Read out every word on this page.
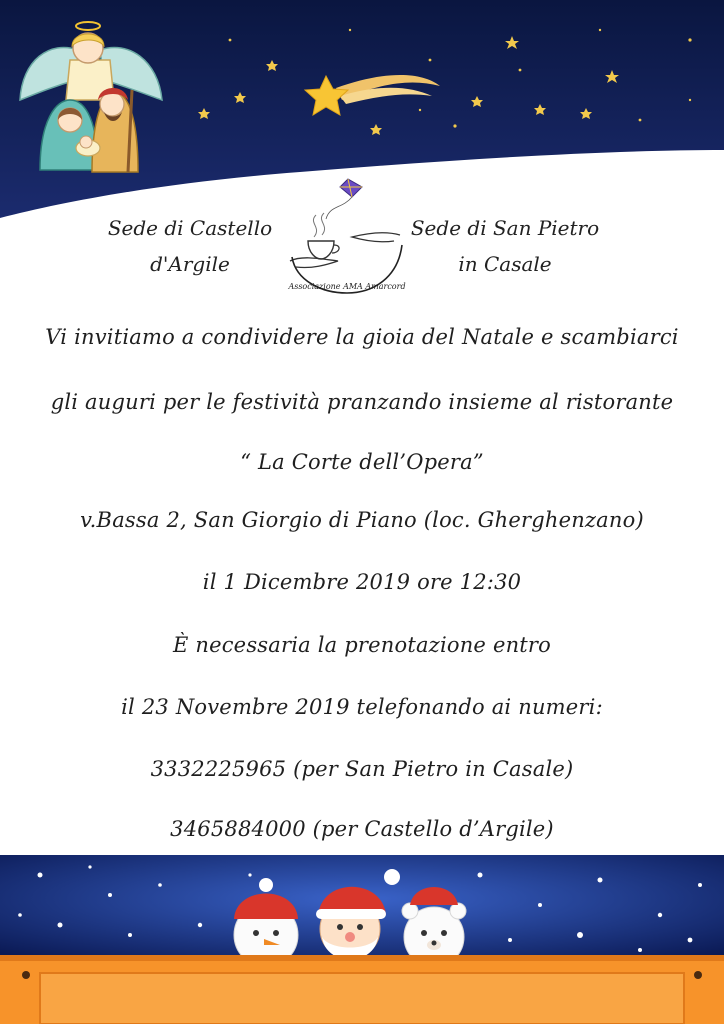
Sede di Castello
d'Argile
Associazione AMA Amarcord
Sede di San Pietro
in Casale
Vi invitiamo a condividere la gioia del Natale e scambiarci
gli auguri per le festività pranzando insieme al ristorante
“ La Corte dell’Opera”
v.Bassa 2, San Giorgio di Piano (loc. Gherghenzano)
il 1 Dicembre 2019 ore 12:30
È necessaria la prenotazione entro
il 23 Novembre 2019 telefonando ai numeri:
3332225965 (per San Pietro in Casale)
3465884000 (per Castello d’Argile)
